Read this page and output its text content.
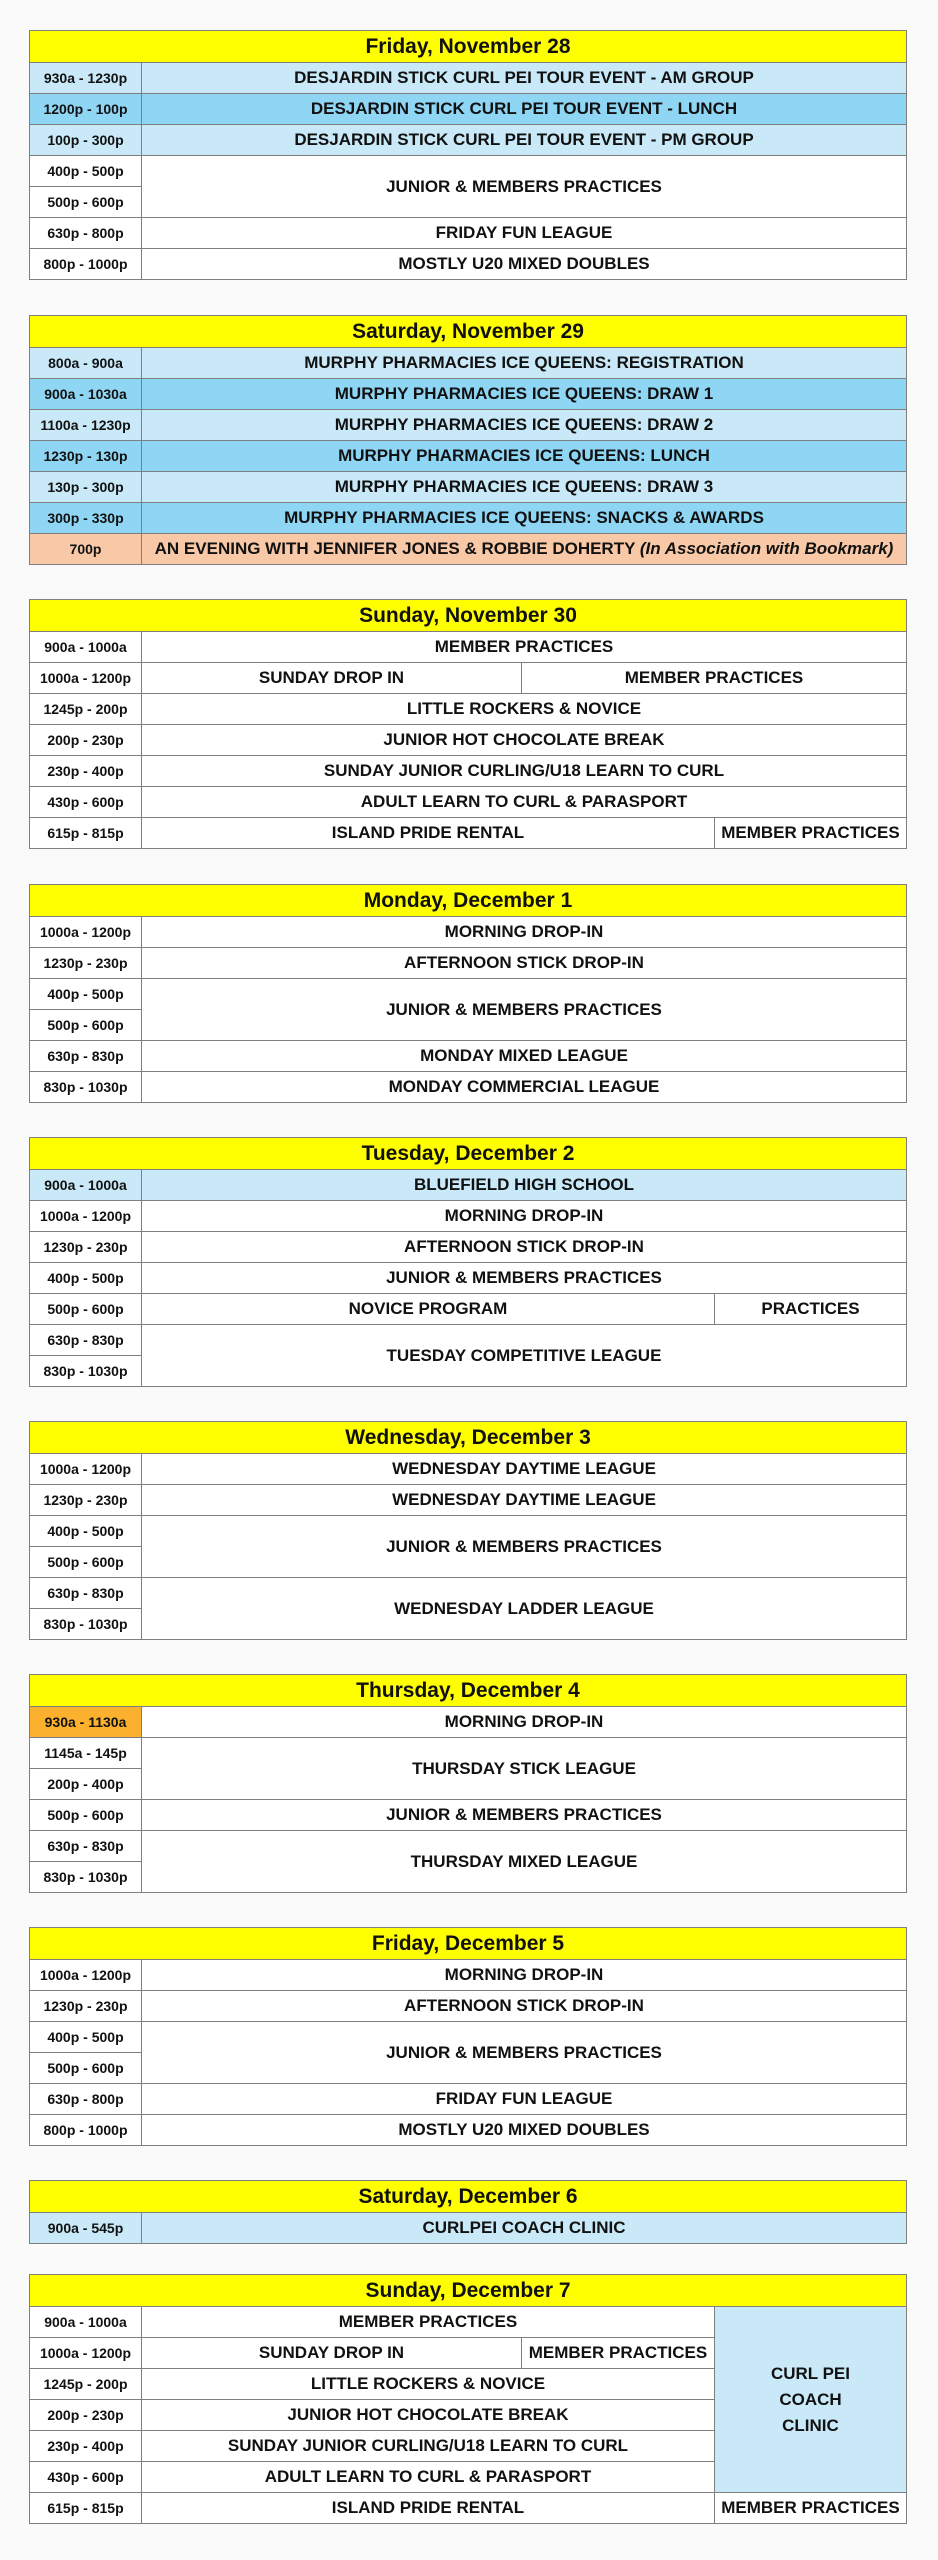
Friday, November 28	
930a - 1230p	DESJARDIN STICK CURL PEI TOUR EVENT - AM GROUP
1200p - 100p	DESJARDIN STICK CURL PEI TOUR EVENT - LUNCH
100p - 300p	DESJARDIN STICK CURL PEI TOUR EVENT - PM GROUP
400p - 500p	JUNIOR & MEMBERS PRACTICES
500p - 600p	
630p - 800p	FRIDAY FUN LEAGUE
800p - 1000p	MOSTLY U20 MIXED DOUBLES
Saturday, November 29	
800a - 900a	MURPHY PHARMACIES ICE QUEENS: REGISTRATION
900a - 1030a	MURPHY PHARMACIES ICE QUEENS: DRAW 1
1100a - 1230p	MURPHY PHARMACIES ICE QUEENS: DRAW 2
1230p - 130p	MURPHY PHARMACIES ICE QUEENS: LUNCH
130p - 300p	MURPHY PHARMACIES ICE QUEENS: DRAW 3
300p - 330p	MURPHY PHARMACIES ICE QUEENS: SNACKS & AWARDS
700p	AN EVENING WITH JENNIFER JONES & ROBBIE DOHERTY (In Association with Bookmark)
Sunday, November 30			
900a - 1000a	MEMBER PRACTICES		
1000a - 1200p	SUNDAY DROP IN	MEMBER PRACTICES	
1245p - 200p	LITTLE ROCKERS & NOVICE		
200p - 230p	JUNIOR HOT CHOCOLATE BREAK		
230p - 400p	SUNDAY JUNIOR CURLING/U18 LEARN TO CURL		
430p - 600p	ADULT LEARN TO CURL & PARASPORT		
615p - 815p	ISLAND PRIDE RENTAL		MEMBER PRACTICES
Monday, December 1	
1000a - 1200p	MORNING DROP-IN
1230p - 230p	AFTERNOON STICK DROP-IN
400p - 500p	JUNIOR & MEMBERS PRACTICES
500p - 600p	
630p - 830p	MONDAY MIXED LEAGUE
830p - 1030p	MONDAY COMMERCIAL LEAGUE
Tuesday, December 2		
900a - 1000a	BLUEFIELD HIGH SCHOOL	
1000a - 1200p	MORNING DROP-IN	
1230p - 230p	AFTERNOON STICK DROP-IN	
400p - 500p	JUNIOR & MEMBERS PRACTICES	
500p - 600p	NOVICE PROGRAM	PRACTICES
630p - 830p	TUESDAY COMPETITIVE LEAGUE	
830p - 1030p		
Wednesday, December 3	
1000a - 1200p	WEDNESDAY DAYTIME LEAGUE
1230p - 230p	WEDNESDAY DAYTIME LEAGUE
400p - 500p	JUNIOR & MEMBERS PRACTICES
500p - 600p	
630p - 830p	WEDNESDAY LADDER LEAGUE
830p - 1030p	
Thursday, December 4	
930a - 1130a	MORNING DROP-IN
1145a - 145p	THURSDAY STICK LEAGUE
200p - 400p	
500p - 600p	JUNIOR & MEMBERS PRACTICES
630p - 830p	THURSDAY MIXED LEAGUE
830p - 1030p	
Friday, December 5	
1000a - 1200p	MORNING DROP-IN
1230p - 230p	AFTERNOON STICK DROP-IN
400p - 500p	JUNIOR & MEMBERS PRACTICES
500p - 600p	
630p - 800p	FRIDAY FUN LEAGUE
800p - 1000p	MOSTLY U20 MIXED DOUBLES
Saturday, December 6
900a - 545p	CURLPEI COACH CLINIC
Sunday, December 7			
900a - 1000a	MEMBER PRACTICES		CURL PEI
COACH
CLINIC
1000a - 1200p	SUNDAY DROP IN	MEMBER PRACTICES	
1245p - 200p	LITTLE ROCKERS & NOVICE		
200p - 230p	JUNIOR HOT CHOCOLATE BREAK		
230p - 400p	SUNDAY JUNIOR CURLING/U18 LEARN TO CURL		
430p - 600p	ADULT LEARN TO CURL & PARASPORT		
615p - 815p	ISLAND PRIDE RENTAL		MEMBER PRACTICES
